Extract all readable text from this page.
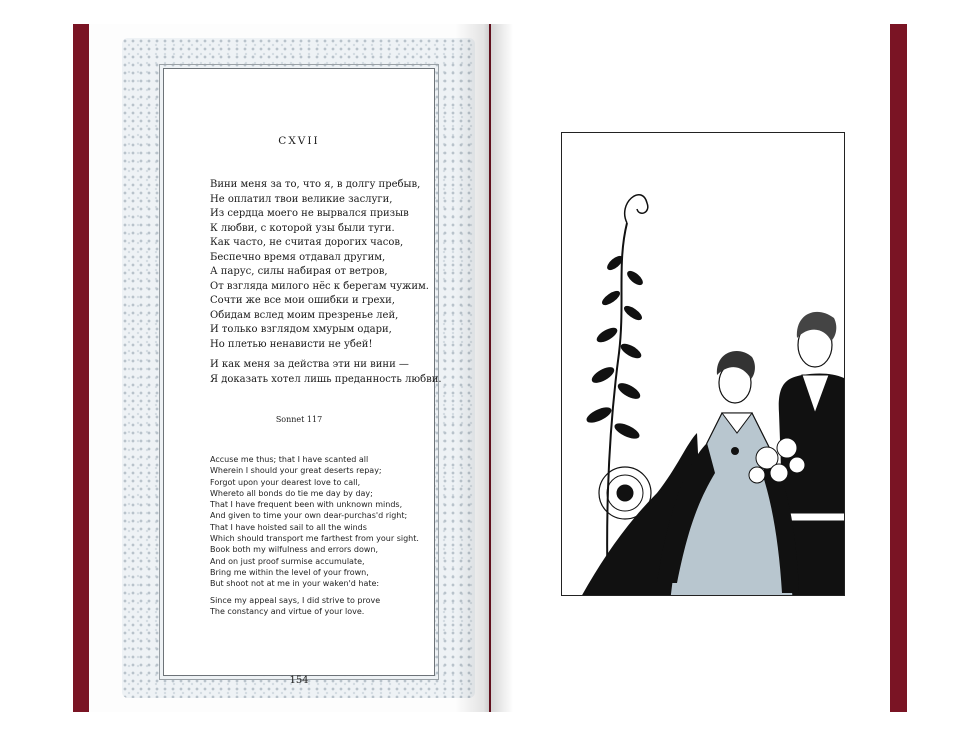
CXVII
Вини меня за то, что я, в долгу пребыв,
Не оплатил твои великие заслуги,
Из сердца моего не вырвался призыв
К любви, с которой узы были туги.
Как часто, не считая дорогих часов,
Беспечно время отдавал другим,
А парус, силы набирая от ветров,
От взгляда милого нёс к берегам чужим.
Сочти же все мои ошибки и грехи,
Обидам вслед моим презренье лей,
И только взглядом хмурым одари,
Но плетью ненависти не убей!
И как меня за действа эти ни вини —
Я доказать хотел лишь преданность любви.
Sonnet 117
Accuse me thus; that I have scanted all
Wherein I should your great deserts repay;
Forgot upon your dearest love to call,
Whereto all bonds do tie me day by day;
That I have frequent been with unknown minds,
And given to time your own dear-purchas'd right;
That I have hoisted sail to all the winds
Which should transport me farthest from your sight.
Book both my wilfulness and errors down,
And on just proof surmise accumulate,
Bring me within the level of your frown,
But shoot not at me in your waken'd hate:
Since my appeal says, I did strive to prove
The constancy and virtue of your love.
154
